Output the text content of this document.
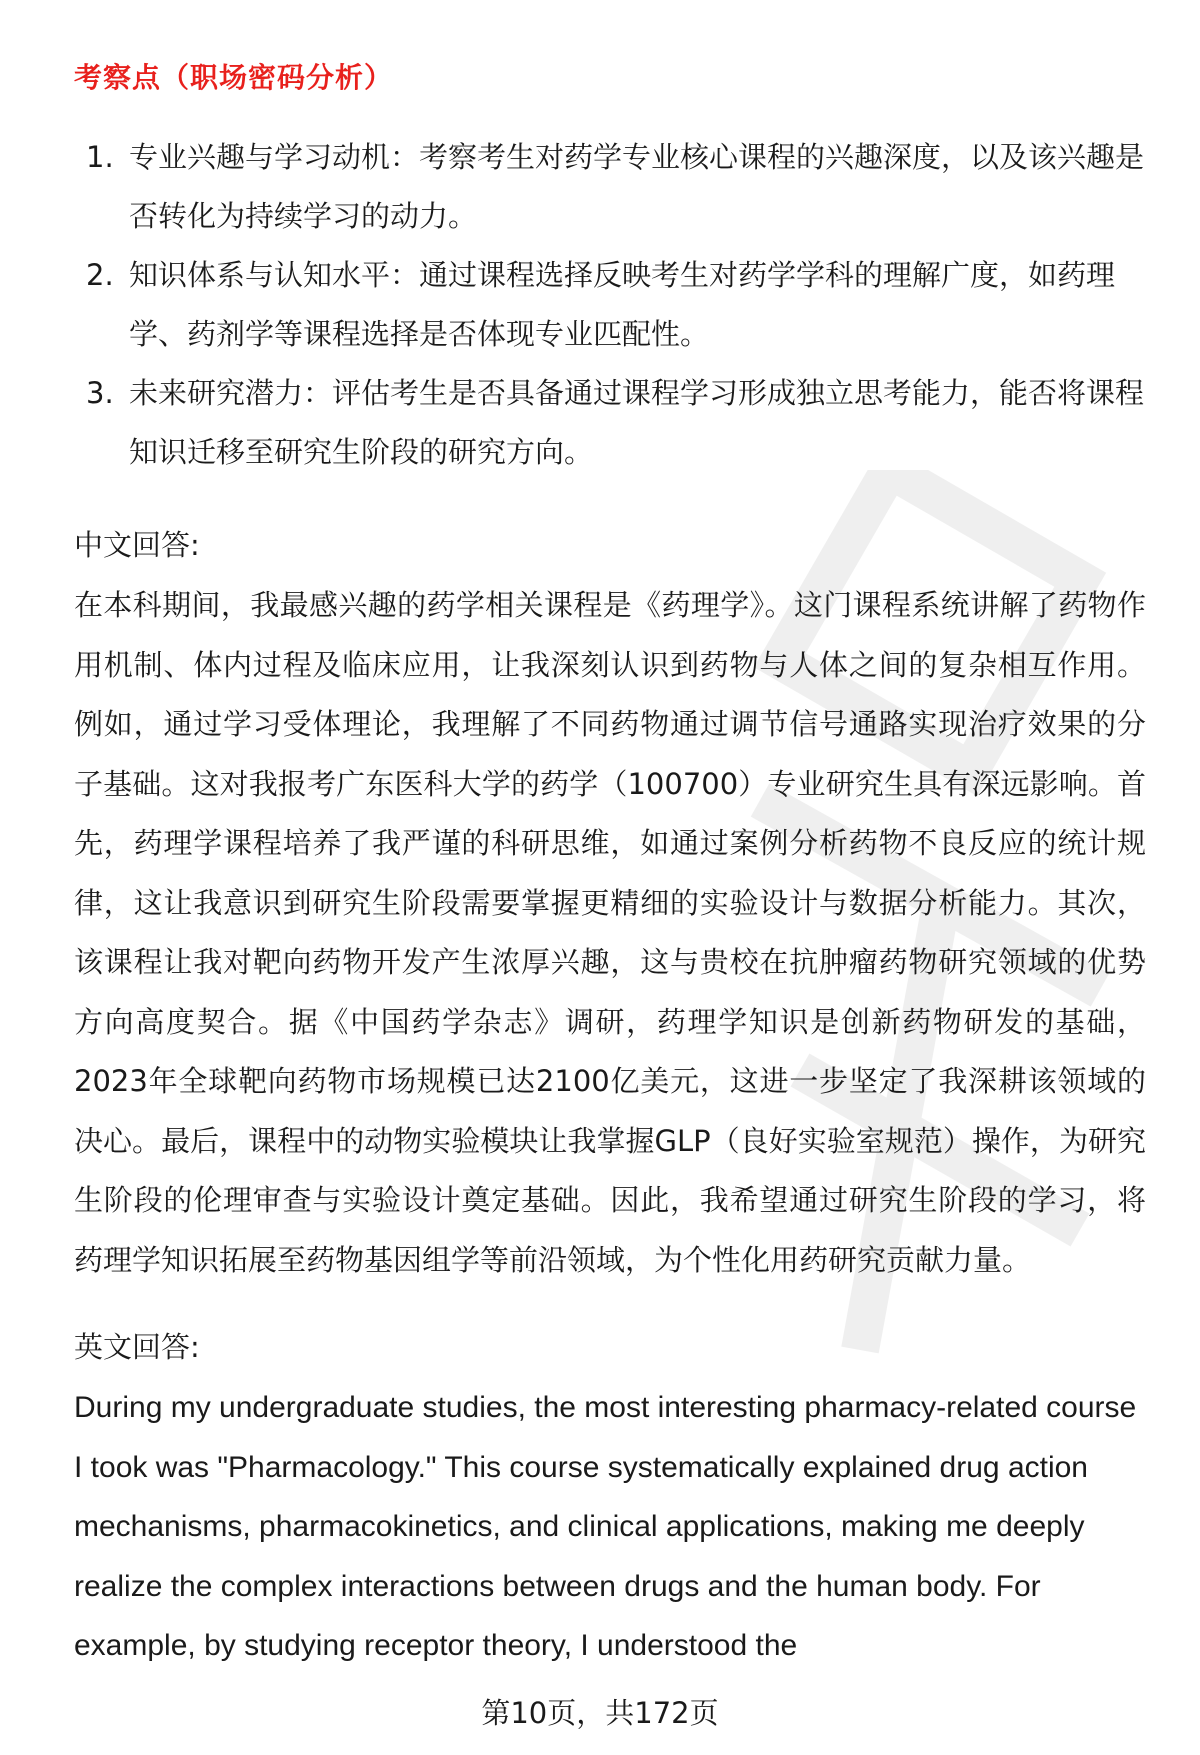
考察点（职场密码分析）
1. 专业兴趣与学习动机：考察考生对药学专业核心课程的兴趣深度，以及该兴趣是否转化为持续学习的动力。
2. 知识体系与认知水平：通过课程选择反映考生对药学学科的理解广度，如药理学、药剂学等课程选择是否体现专业匹配性。
3. 未来研究潜力：评估考生是否具备通过课程学习形成独立思考能力，能否将课程知识迁移至研究生阶段的研究方向。
中文回答:
在本科期间，我最感兴趣的药学相关课程是《药理学》。这门课程系统讲解了药物作用机制、体内过程及临床应用，让我深刻认识到药物与人体之间的复杂相互作用。例如，通过学习受体理论，我理解了不同药物通过调节信号通路实现治疗效果的分子基础。这对我报考广东医科大学的药学（100700）专业研究生具有深远影响。首先，药理学课程培养了我严谨的科研思维，如通过案例分析药物不良反应的统计规律，这让我意识到研究生阶段需要掌握更精细的实验设计与数据分析能力。其次，该课程让我对靶向药物开发产生浓厚兴趣，这与贵校在抗肿瘤药物研究领域的优势方向高度契合。据《中国药学杂志》调研，药理学知识是创新药物研发的基础，2023年全球靶向药物市场规模已达2100亿美元，这进一步坚定了我深耕该领域的决心。最后，课程中的动物实验模块让我掌握GLP（良好实验室规范）操作，为研究生阶段的伦理审查与实验设计奠定基础。因此，我希望通过研究生阶段的学习，将药理学知识拓展至药物基因组学等前沿领域，为个性化用药研究贡献力量。
英文回答:
During my undergraduate studies, the most interesting pharmacy-related course I took was "Pharmacology." This course systematically explained drug action mechanisms, pharmacokinetics, and clinical applications, making me deeply realize the complex interactions between drugs and the human body. For example, by studying receptor theory, I understood the
第10页，共172页
